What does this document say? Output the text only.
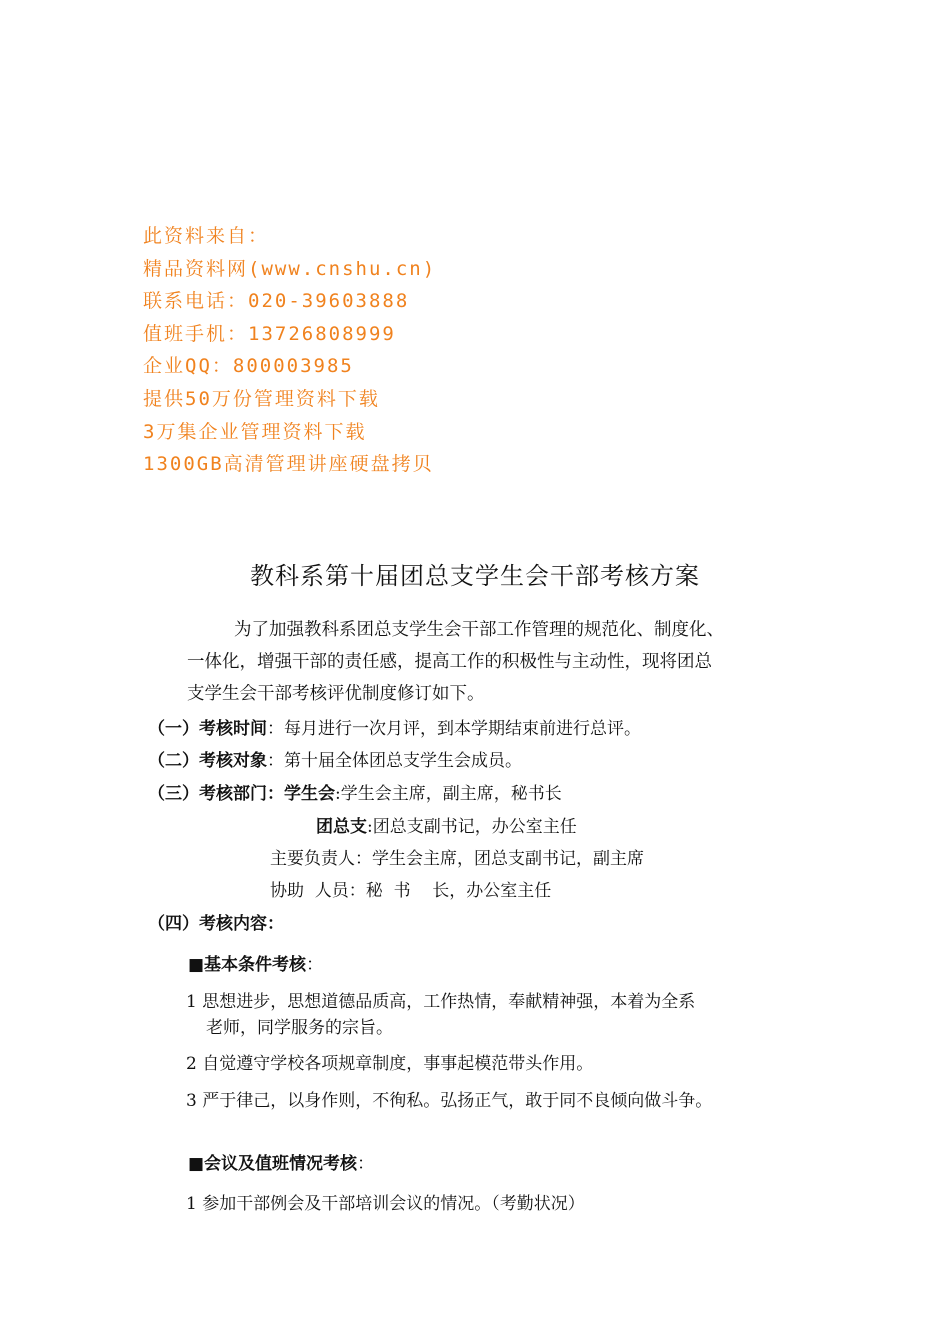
此资料来自：
精品资料网(www.cnshu.cn)
联系电话：020-39603888
值班手机：13726808999
企业QQ：800003985
提供50万份管理资料下载
3万集企业管理资料下载
1300GB高清管理讲座硬盘拷贝
教科系第十届团总支学生会干部考核方案
为了加强教科系团总支学生会干部工作管理的规范化、制度化、
一体化，增强干部的责任感，提高工作的积极性与主动性，现将团总
支学生会干部考核评优制度修订如下。
（一）考核时间：每月进行一次月评，到本学期结束前进行总评。
（二）考核对象：第十届全体团总支学生会成员。
（三）考核部门：学生会:学生会主席，副主席，秘书长
团总支:团总支副书记，办公室主任
主要负责人：学生会主席，团总支副书记，副主席
协助  人员：秘  书    长，办公室主任
（四）考核内容：
■基本条件考核：
1 思想进步，思想道德品质高，工作热情，奉献精神强，本着为全系
老师，同学服务的宗旨。
2 自觉遵守学校各项规章制度，事事起模范带头作用。
3 严于律己，以身作则，不徇私。弘扬正气，敢于同不良倾向做斗争。
■会议及值班情况考核：
1 参加干部例会及干部培训会议的情况。（考勤状况）
